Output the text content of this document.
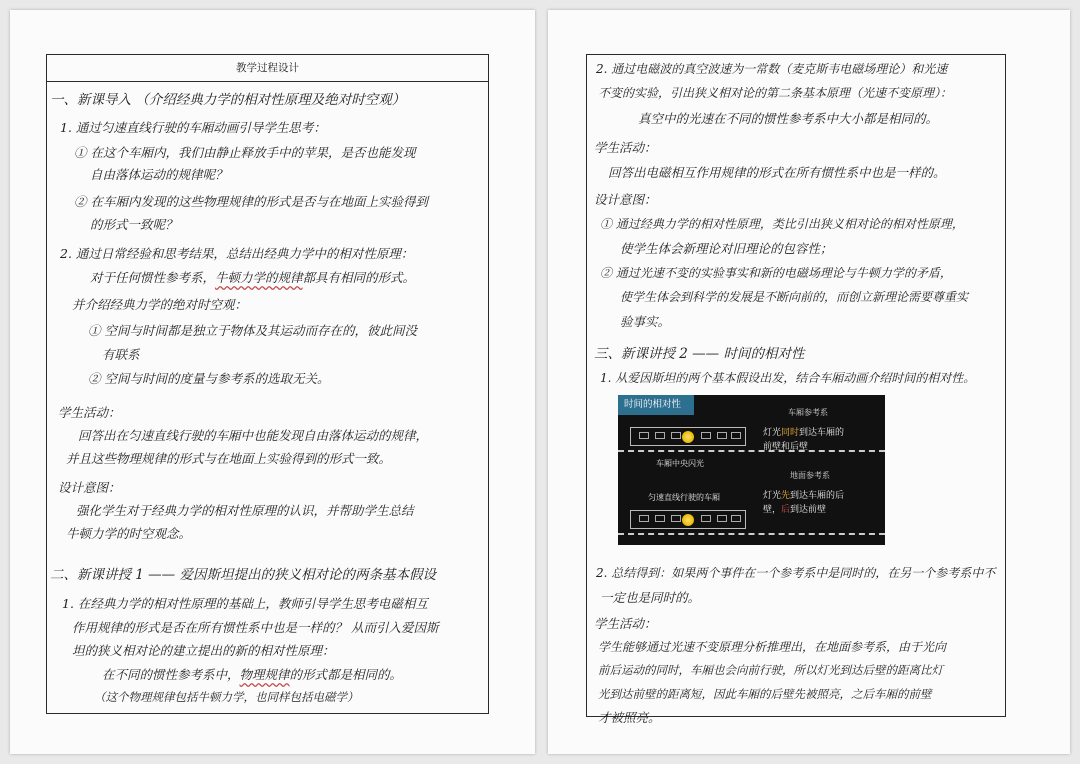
教学过程设计
一、新课导入 （介绍经典力学的相对性原理及绝对时空观）
1. 通过匀速直线行驶的车厢动画引导学生思考：
① 在这个车厢内，我们由静止释放手中的苹果，是否也能发现
自由落体运动的规律呢？
② 在车厢内发现的这些物理规律的形式是否与在地面上实验得到
的形式一致呢？
2. 通过日常经验和思考结果，总结出经典力学中的相对性原理：
对于任何惯性参考系，牛顿力学的规律都具有相同的形式。
并介绍经典力学的绝对时空观：
① 空间与时间都是独立于物体及其运动而存在的，彼此间没
有联系
② 空间与时间的度量与参考系的选取无关。
学生活动：
回答出在匀速直线行驶的车厢中也能发现自由落体运动的规律，
并且这些物理规律的形式与在地面上实验得到的形式一致。
设计意图：
强化学生对于经典力学的相对性原理的认识，并帮助学生总结
牛顿力学的时空观念。
二、新课讲授 1 —— 爱因斯坦提出的狭义相对论的两条基本假设
1. 在经典力学的相对性原理的基础上，教师引导学生思考电磁相互
作用规律的形式是否在所有惯性系中也是一样的？ 从而引入爱因斯
坦的狭义相对论的建立提出的新的相对性原理：
在不同的惯性参考系中，物理规律的形式都是相同的。
（这个物理规律包括牛顿力学，也同样包括电磁学）
2. 通过电磁波的真空波速为一常数（麦克斯韦电磁场理论）和光速
不变的实验，引出狭义相对论的第二条基本原理（光速不变原理）：
真空中的光速在不同的惯性参考系中大小都是相同的。
学生活动：
回答出电磁相互作用规律的形式在所有惯性系中也是一样的。
设计意图：
① 通过经典力学的相对性原理，类比引出狭义相对论的相对性原理，
使学生体会新理论对旧理论的包容性；
② 通过光速不变的实验事实和新的电磁场理论与牛顿力学的矛盾，
使学生体会到科学的发展是不断向前的，而创立新理论需要尊重实
验事实。
三、新课讲授 2 —— 时间的相对性
1. 从爱因斯坦的两个基本假设出发，结合车厢动画介绍时间的相对性。
时间的相对性
车厢参考系
灯光同时到达车厢的
前壁和后壁
车厢中央闪光
地面参考系
灯光先到达车厢的后
壁，后到达前壁
匀速直线行驶的车厢
2. 总结得到：如果两个事件在一个参考系中是同时的，在另一个参考系中不
一定也是同时的。
学生活动：
学生能够通过光速不变原理分析推理出，在地面参考系，由于光向
前后运动的同时，车厢也会向前行驶，所以灯光到达后壁的距离比灯
光到达前壁的距离短，因此车厢的后壁先被照亮，之后车厢的前壁
才被照亮。
